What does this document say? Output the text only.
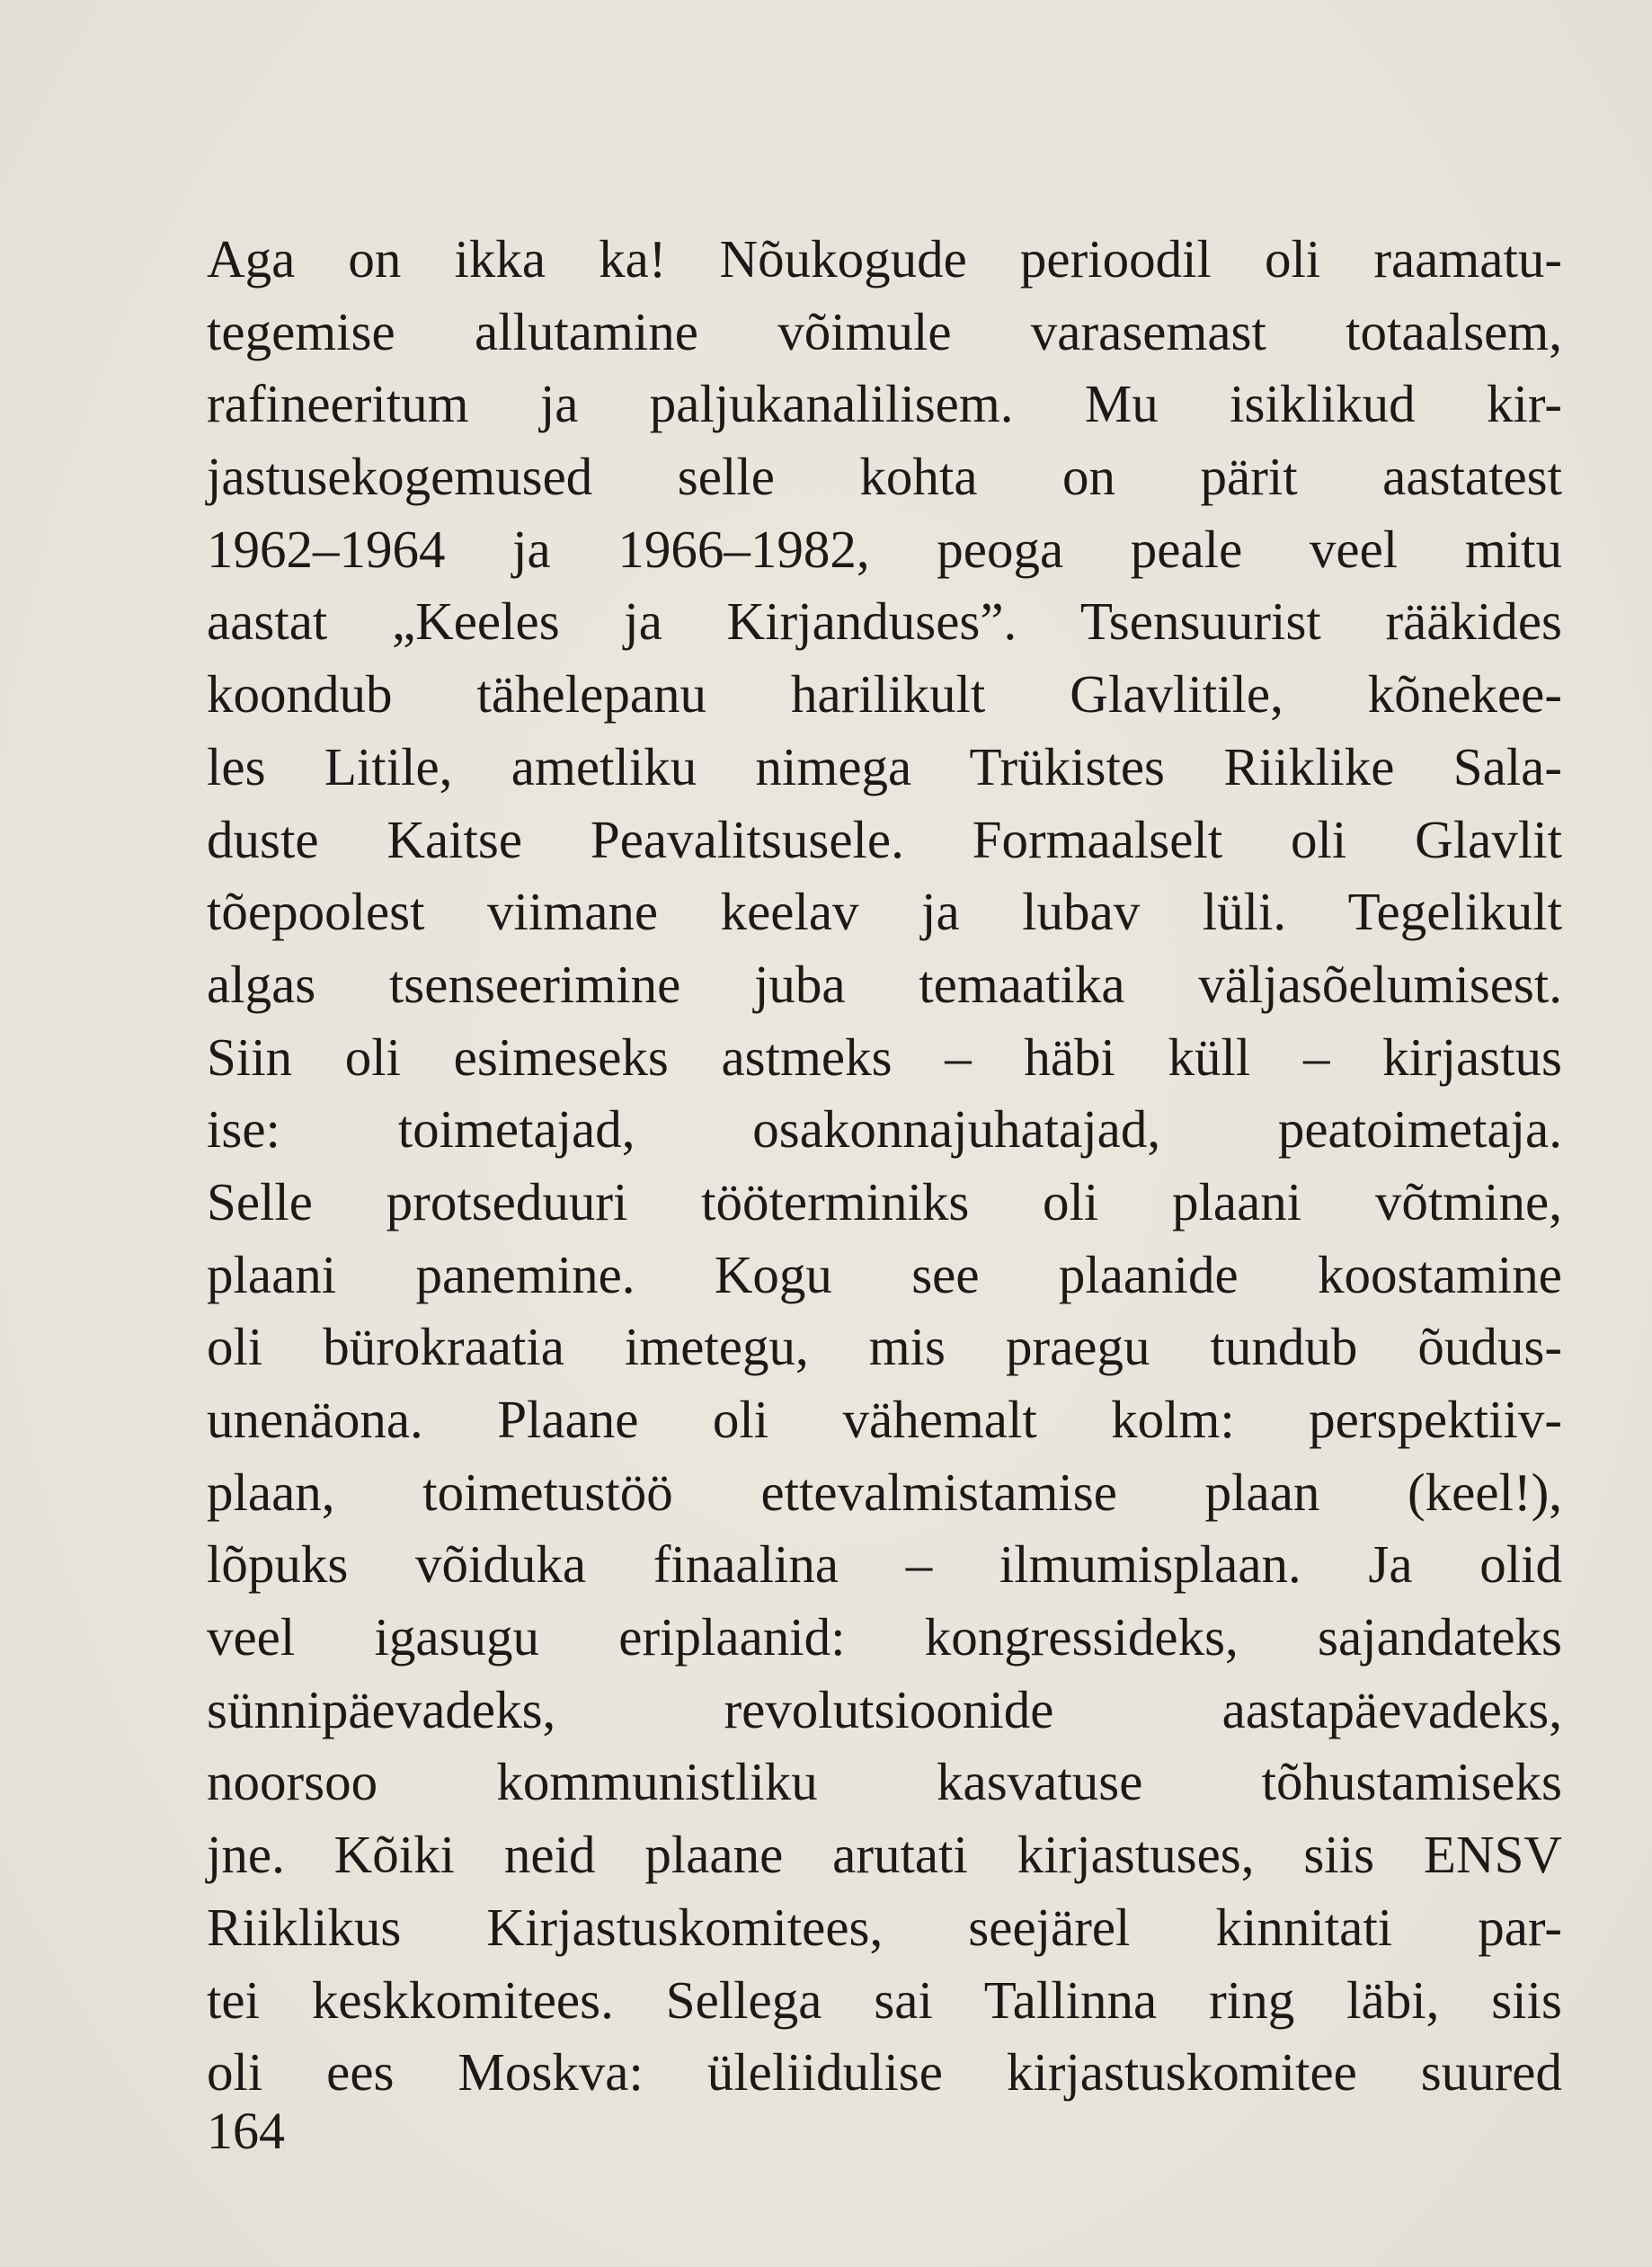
Aga on ikka ka! Nõukogude perioodil oli raamatu-
tegemise allutamine võimule varasemast totaalsem,
rafineeritum ja paljukanalilisem. Mu isiklikud kir-
jastusekogemused selle kohta on pärit aastatest
1962–1964 ja 1966–1982, peoga peale veel mitu
aastat „Keeles ja Kirjanduses”. Tsensuurist rääkides
koondub tähelepanu harilikult Glavlitile, kõnekee-
les Litile, ametliku nimega Trükistes Riiklike Sala-
duste Kaitse Peavalitsusele. Formaalselt oli Glavlit
tõepoolest viimane keelav ja lubav lüli. Tegelikult
algas tsenseerimine juba temaatika väljasõelumisest.
Siin oli esimeseks astmeks – häbi küll – kirjastus
ise: toimetajad, osakonnajuhatajad, peatoimetaja.
Selle protseduuri tööterminiks oli plaani võtmine,
plaani panemine. Kogu see plaanide koostamine
oli bürokraatia imetegu, mis praegu tundub õudus-
unenäona. Plaane oli vähemalt kolm: perspektiiv-
plaan, toimetustöö ettevalmistamise plaan (keel!),
lõpuks võiduka finaalina – ilmumisplaan. Ja olid
veel igasugu eriplaanid: kongressideks, sajandateks
sünnipäevadeks, revolutsioonide aastapäevadeks,
noorsoo kommunistliku kasvatuse tõhustamiseks
jne. Kõiki neid plaane arutati kirjastuses, siis ENSV
Riiklikus Kirjastuskomitees, seejärel kinnitati par-
tei keskkomitees. Sellega sai Tallinna ring läbi, siis
oli ees Moskva: üleliidulise kirjastuskomitee suured
164
